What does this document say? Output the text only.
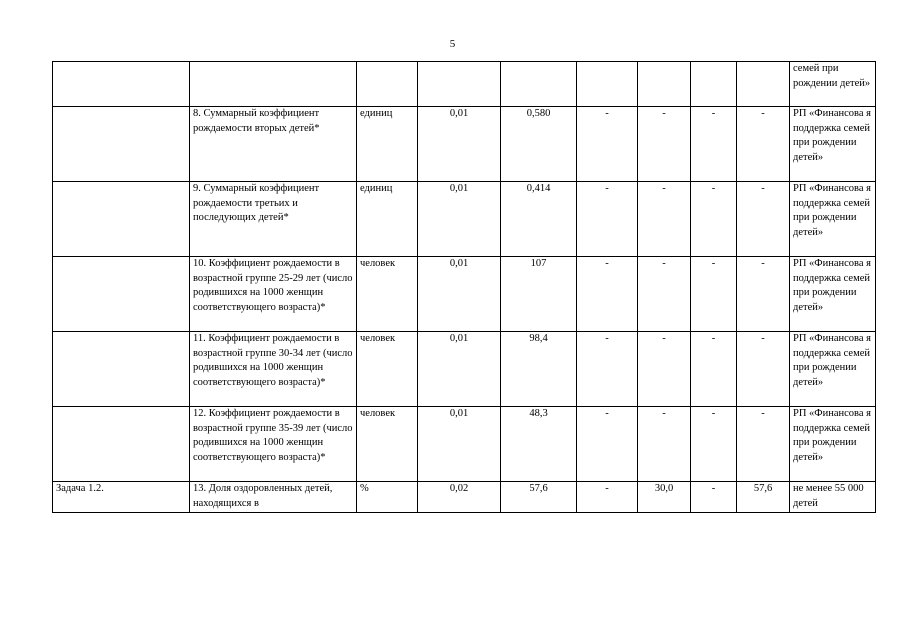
5
									семей при рождении детей»
	8. Суммарный коэффициент рождаемости вторых детей*	единиц	0,01	0,580	-	-	-	-	РП «Финансова я поддержка семей при рождении детей»
	9. Суммарный коэффициент рождаемости третьих и последующих детей*	единиц	0,01	0,414	-	-	-	-	РП «Финансова я поддержка семей при рождении детей»
	10. Коэффициент рождаемости в возрастной группе 25-29 лет (число родившихся на 1000 женщин соответствующего возраста)*	человек	0,01	107	-	-	-	-	РП «Финансова я поддержка семей при рождении детей»
	11. Коэффициент рождаемости в возрастной группе 30-34 лет (число родившихся на 1000 женщин соответствующего возраста)*	человек	0,01	98,4	-	-	-	-	РП «Финансова я поддержка семей при рождении детей»
	12. Коэффициент рождаемости в возрастной группе 35-39 лет (число родившихся на 1000 женщин соответствующего возраста)*	человек	0,01	48,3	-	-	-	-	РП «Финансова я поддержка семей при рождении детей»
Задача 1.2.	13. Доля оздоровленных детей, находящихся в	%	0,02	57,6	-	30,0	-	57,6	не менее 55 000 детей
